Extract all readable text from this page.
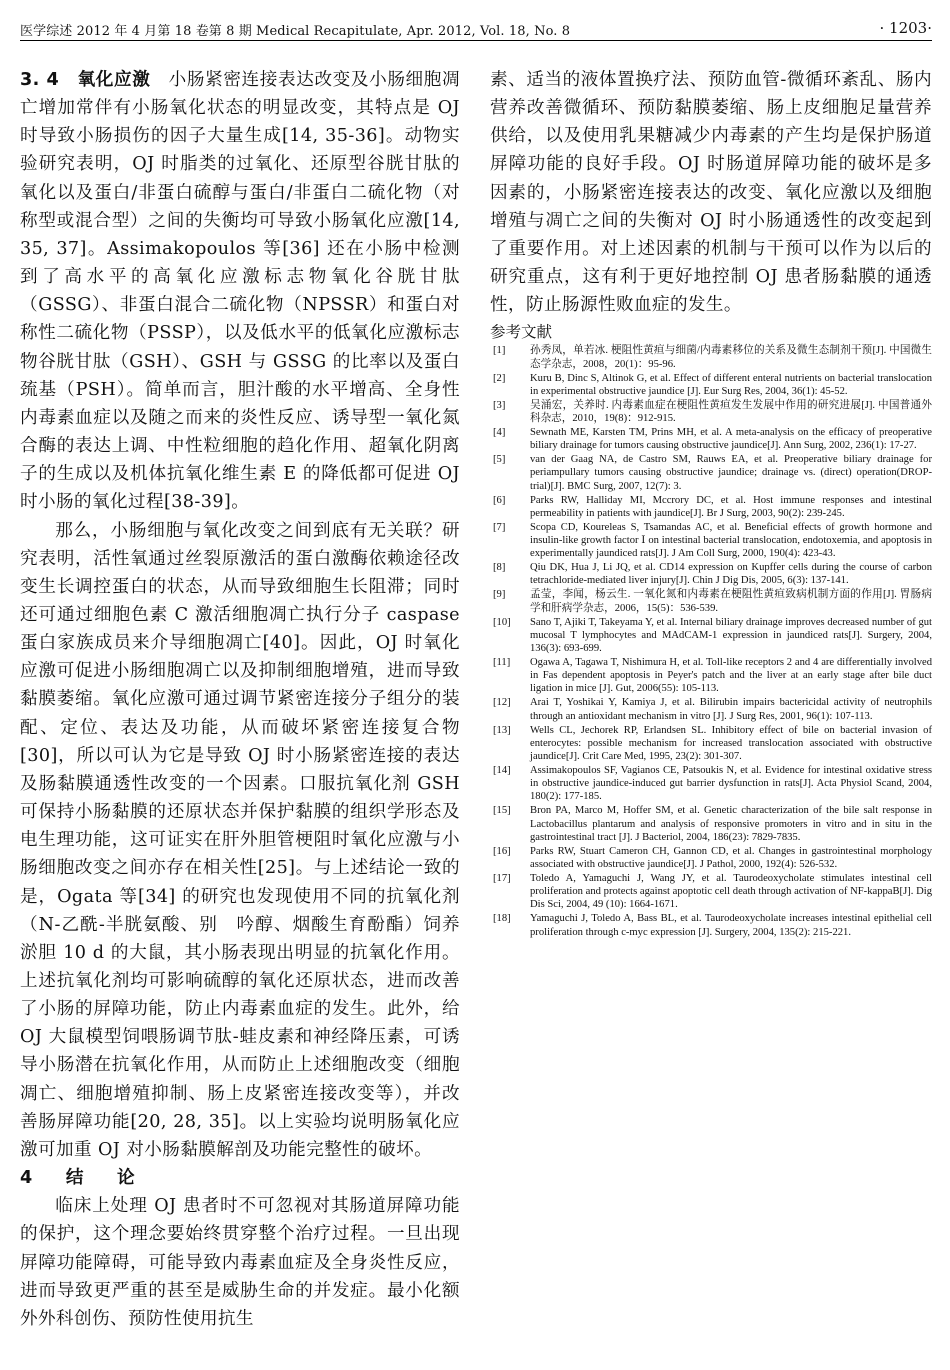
医学综述 2012 年 4 月第 18 卷第 8 期 Medical Recapitulate, Apr. 2012, Vol. 18, No. 8	· 1203·

3. 4　氧化应激　小肠紧密连接表达改变及小肠细胞凋亡增加常伴有小肠氧化状态的明显改变，其特点是 OJ 时导致小肠损伤的因子大量生成[14, 35-36]。动物实验研究表明，OJ 时脂类的过氧化、还原型谷胱甘肽的氧化以及蛋白/非蛋白硫醇与蛋白/非蛋白二硫化物（对称型或混合型）之间的失衡均可导致小肠氧化应激[14, 35, 37]。Assimakopoulos 等[36] 还在小肠中检测到了高水平的高氧化应激标志物氧化谷胱甘肽（GSSG）、非蛋白混合二硫化物（NPSSR）和蛋白对称性二硫化物（PSSP），以及低水平的低氧化应激标志物谷胱甘肽（GSH）、GSH 与 GSSG 的比率以及蛋白巯基（PSH）。简单而言，胆汁酸的水平增高、全身性内毒素血症以及随之而来的炎性反应、诱导型一氧化氮合酶的表达上调、中性粒细胞的趋化作用、超氧化阴离子的生成以及机体抗氧化维生素 E 的降低都可促进 OJ 时小肠的氧化过程[38-39]。

那么，小肠细胞与氧化改变之间到底有无关联？研究表明，活性氧通过丝裂原激活的蛋白激酶依赖途径改变生长调控蛋白的状态，从而导致细胞生长阻滞；同时还可通过细胞色素 C 激活细胞凋亡执行分子 caspase 蛋白家族成员来介导细胞凋亡[40]。因此，OJ 时氧化应激可促进小肠细胞凋亡以及抑制细胞增殖，进而导致黏膜萎缩。氧化应激可通过调节紧密连接分子组分的装配、定位、表达及功能，从而破坏紧密连接复合物[30]，所以可认为它是导致 OJ 时小肠紧密连接的表达及肠黏膜通透性改变的一个因素。口服抗氧化剂 GSH 可保持小肠黏膜的还原状态并保护黏膜的组织学形态及电生理功能，这可证实在肝外胆管梗阻时氧化应激与小肠细胞改变之间亦存在相关性[25]。与上述结论一致的是，Ogata 等[34] 的研究也发现使用不同的抗氧化剂（N-乙酰-半胱氨酸、别　吟醇、烟酸生育酚酯）饲养淤胆 10 d 的大鼠，其小肠表现出明显的抗氧化作用。上述抗氧化剂均可影响硫醇的氧化还原状态，进而改善了小肠的屏障功能，防止内毒素血症的发生。此外，给 OJ 大鼠模型饲喂肠调节肽-蛙皮素和神经降压素，可诱导小肠潜在抗氧化作用，从而防止上述细胞改变（细胞凋亡、细胞增殖抑制、肠上皮紧密连接改变等），并改善肠屏障功能[20, 28, 35]。以上实验均说明肠氧化应激可加重 OJ 对小肠黏膜解剖及功能完整性的破坏。

4　结　论

临床上处理 OJ 患者时不可忽视对其肠道屏障功能的保护，这个理念要始终贯穿整个治疗过程。一旦出现屏障功能障碍，可能导致内毒素血症及全身炎性反应，进而导致更严重的甚至是威胁生命的并发症。最小化额外外科创伤、预防性使用抗生

素、适当的液体置换疗法、预防血管-微循环紊乱、肠内营养改善微循环、预防黏膜萎缩、肠上皮细胞足量营养供给，以及使用乳果糖减少内毒素的产生均是保护肠道屏障功能的良好手段。OJ 时肠道屏障功能的破坏是多因素的，小肠紧密连接表达的改变、氧化应激以及细胞增殖与凋亡之间的失衡对 OJ 时小肠通透性的改变起到了重要作用。对上述因素的机制与干预可以作为以后的研究重点，这有利于更好地控制 OJ 患者肠黏膜的通透性，防止肠源性败血症的发生。

参考文献

[1] 孙秀凤，单若冰. 梗阻性黄疸与细菌/内毒素移位的关系及微生态制剂干预[J]. 中国微生态学杂志，2008，20(1)：95-96.
[2] Kuru B, Dinc S, Altinok G, et al. Effect of different enteral nutrients on bacterial translocation in experimental obstructive jaundice [J]. Eur Surg Res, 2004, 36(1): 45-52.
[3] 吴涌宏，关养时. 内毒素血症在梗阻性黄疸发生发展中作用的研究进展[J]. 中国普通外科杂志，2010，19(8)：912-915.
[4] Sewnath ME, Karsten TM, Prins MH, et al. A meta-analysis on the efficacy of preoperative biliary drainage for tumors causing obstructive jaundice[J]. Ann Surg, 2002, 236(1): 17-27.
[5] van der Gaag NA, de Castro SM, Rauws EA, et al. Preoperative biliary drainage for periampullary tumors causing obstructive jaundice; drainage vs. (direct) operation(DROP-trial)[J]. BMC Surg, 2007, 12(7): 3.
[6] Parks RW, Halliday MI, Mccrory DC, et al. Host immune responses and intestinal permeability in patients with jaundice[J]. Br J Surg, 2003, 90(2): 239-245.
[7] Scopa CD, Koureleas S, Tsamandas AC, et al. Beneficial effects of growth hormone and insulin-like growth factor Ⅰ on intestinal bacterial translocation, endotoxemia, and apoptosis in experimentally jaundiced rats[J]. J Am Coll Surg, 2000, 190(4): 423-43.
[8] Qiu DK, Hua J, Li JQ, et al. CD14 expression on Kupffer cells during the course of carbon tetrachloride-mediated liver injury[J]. Chin J Dig Dis, 2005, 6(3): 137-141.
[9] 孟莹，李闻，杨云生. 一氧化氮和内毒素在梗阻性黄疸致病机制方面的作用[J]. 胃肠病学和肝病学杂志，2006，15(5)：536-539.
[10] Sano T, Ajiki T, Takeyama Y, et al. Internal biliary drainage improves decreased number of gut mucosal T lymphocytes and MAdCAM-1 expression in jaundiced rats[J]. Surgery, 2004, 136(3): 693-699.
[11] Ogawa A, Tagawa T, Nishimura H, et al. Toll-like receptors 2 and 4 are differentially involved in Fas dependent apoptosis in Peyer's patch and the liver at an early stage after bile duct ligation in mice [J]. Gut, 2006(55): 105-113.
[12] Arai T, Yoshikai Y, Kamiya J, et al. Bilirubin impairs bactericidal activity of neutrophils through an antioxidant mechanism in vitro [J]. J Surg Res, 2001, 96(1): 107-113.
[13] Wells CL, Jechorek RP, Erlandsen SL. Inhibitory effect of bile on bacterial invasion of enterocytes: possible mechanism for increased translocation associated with obstructive jaundice[J]. Crit Care Med, 1995, 23(2): 301-307.
[14] Assimakopoulos SF, Vagianos CE, Patsoukis N, et al. Evidence for intestinal oxidative stress in obstructive jaundice-induced gut barrier dysfunction in rats[J]. Acta Physiol Scand, 2004, 180(2): 177-185.
[15] Bron PA, Marco M, Hoffer SM, et al. Genetic characterization of the bile salt response in Lactobacillus plantarum and analysis of responsive promoters in vitro and in situ in the gastrointestinal tract [J]. J Bacteriol, 2004, 186(23): 7829-7835.
[16] Parks RW, Stuart Cameron CH, Gannon CD, et al. Changes in gastrointestinal morphology associated with obstructive jaundice[J]. J Pathol, 2000, 192(4): 526-532.
[17] Toledo A, Yamaguchi J, Wang JY, et al. Taurodeoxycholate stimulates intestinal cell proliferation and protects against apoptotic cell death through activation of NF-kappaB[J]. Dig Dis Sci, 2004, 49 (10): 1664-1671.
[18] Yamaguchi J, Toledo A, Bass BL, et al. Taurodeoxycholate increases intestinal epithelial cell proliferation through c-myc expression [J]. Surgery, 2004, 135(2): 215-221.
